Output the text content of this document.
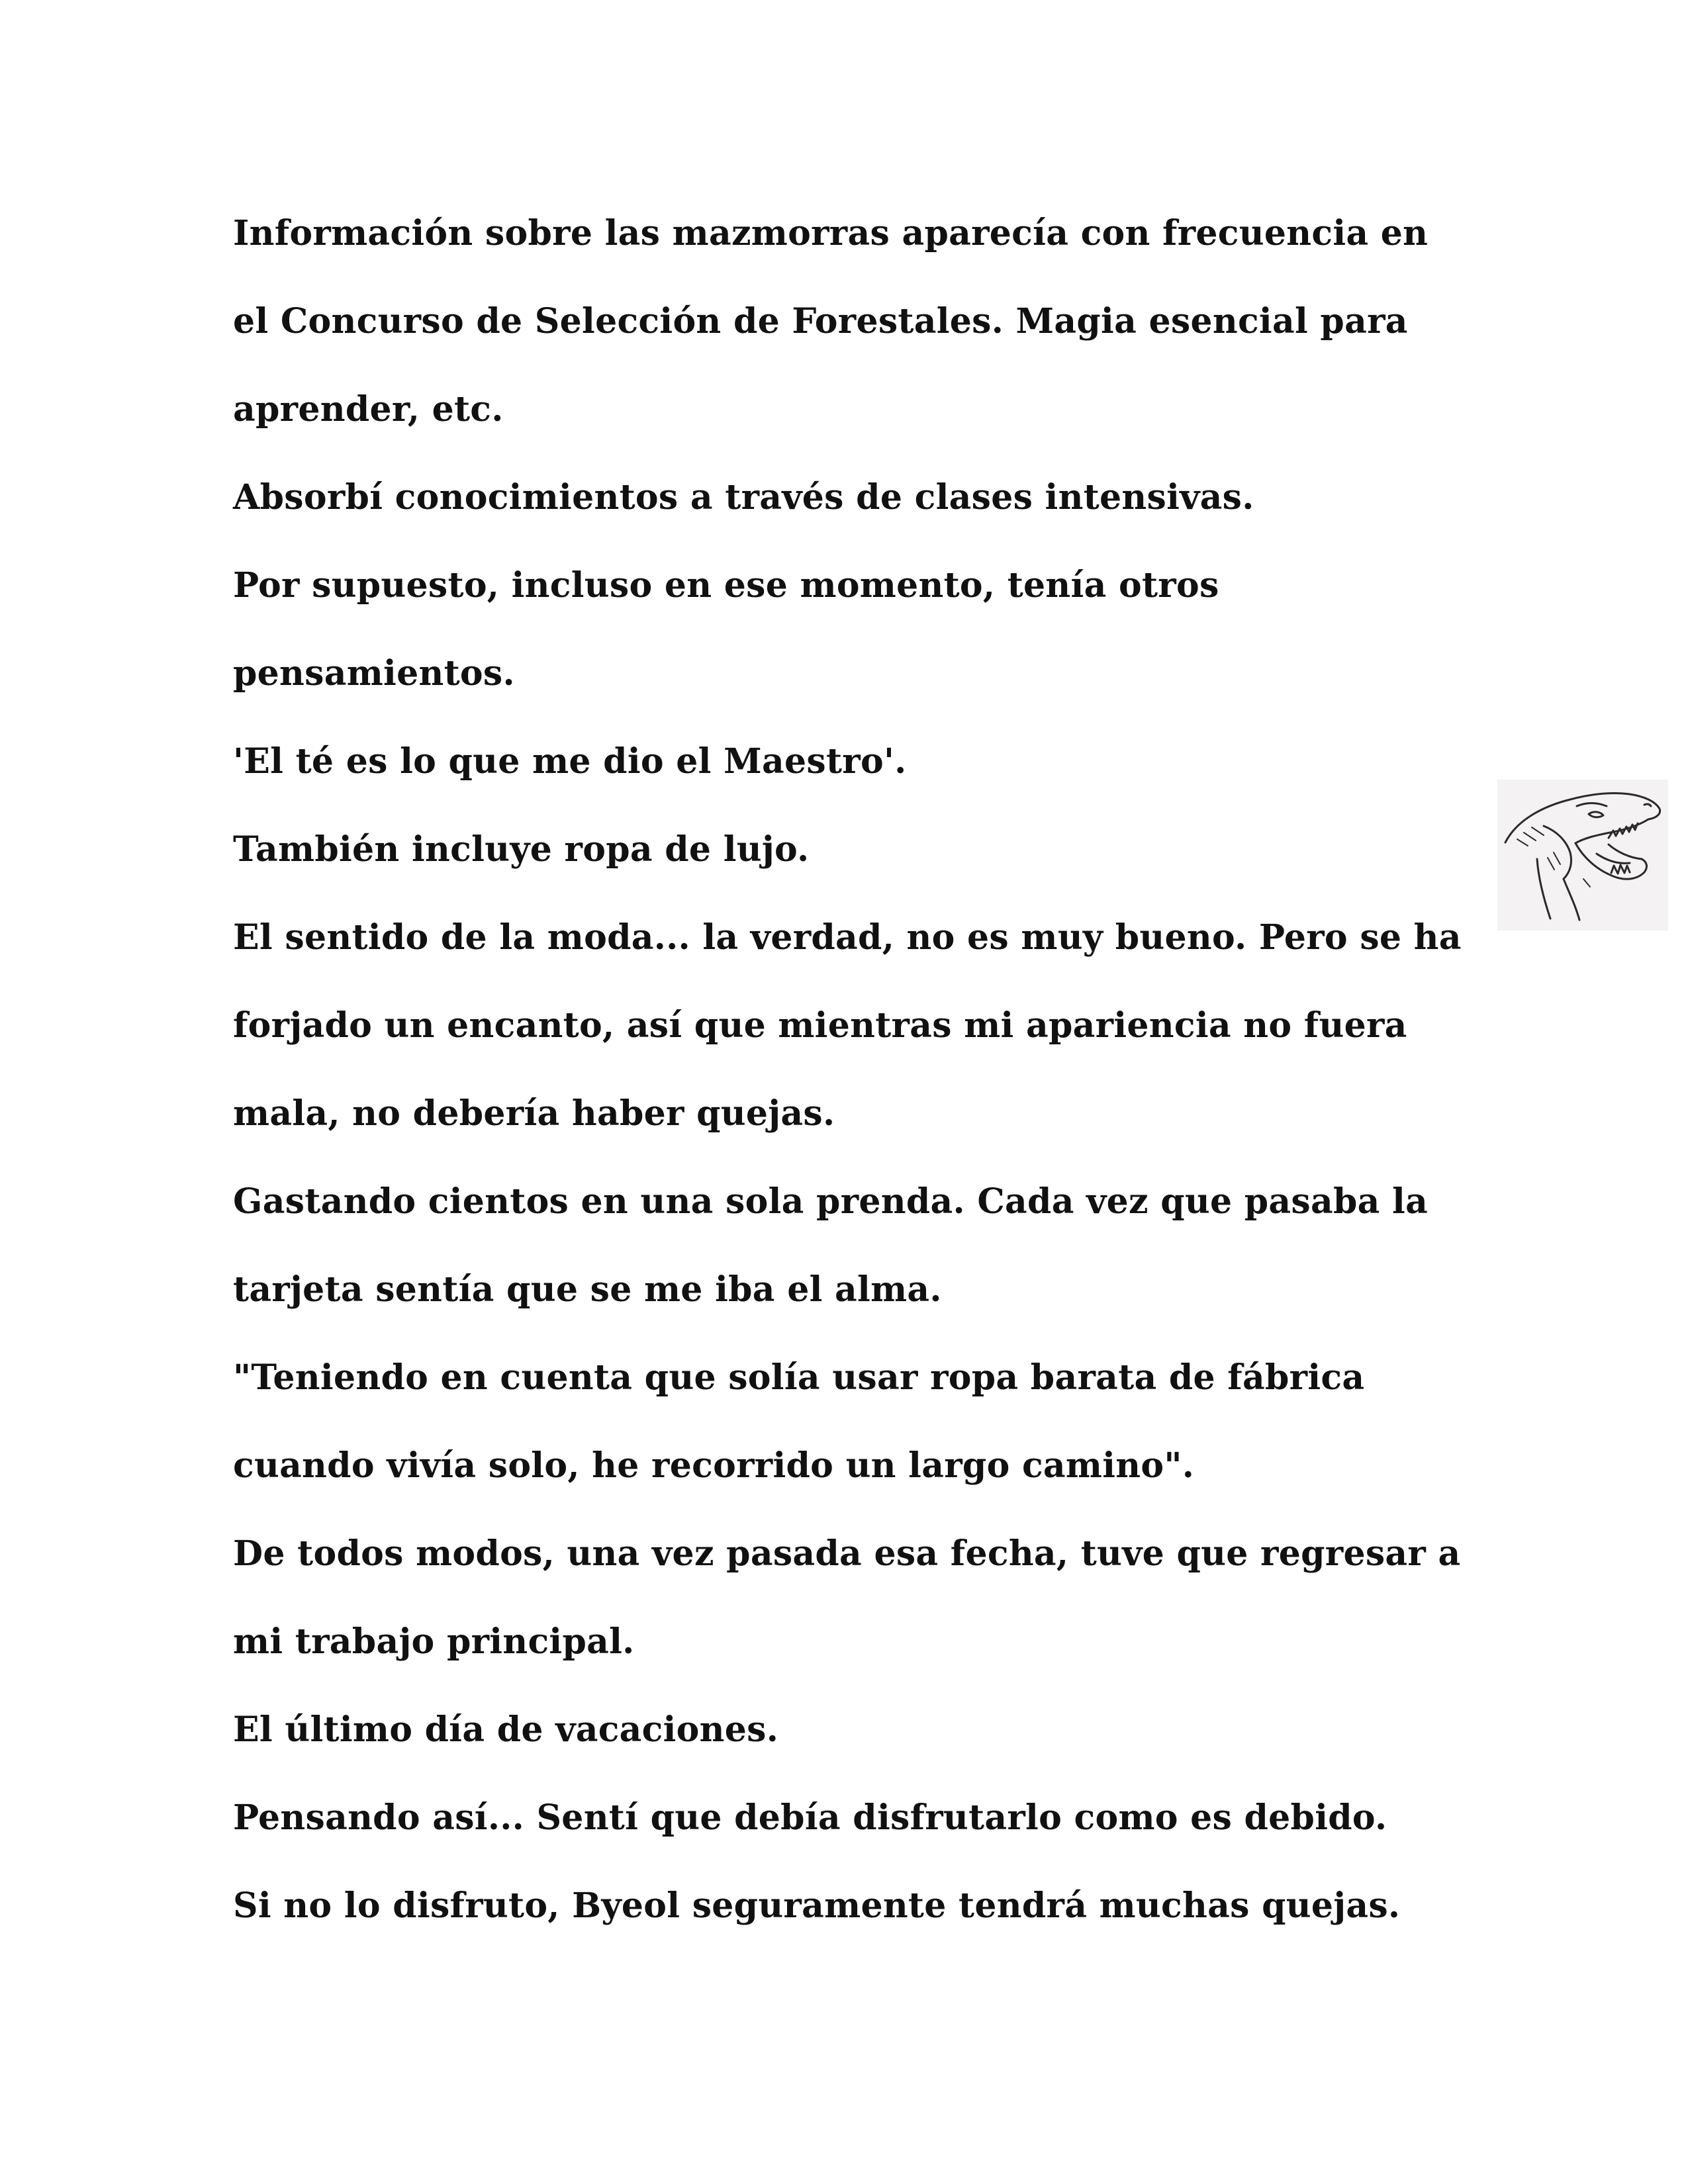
Información sobre las mazmorras aparecía con frecuencia en
el Concurso de Selección de Forestales. Magia esencial para
aprender, etc.
Absorbí conocimientos a través de clases intensivas.
Por supuesto, incluso en ese momento, tenía otros
pensamientos.
'El té es lo que me dio el Maestro'.
También incluye ropa de lujo.
El sentido de la moda... la verdad, no es muy bueno. Pero se ha
forjado un encanto, así que mientras mi apariencia no fuera
mala, no debería haber quejas.
Gastando cientos en una sola prenda. Cada vez que pasaba la
tarjeta sentía que se me iba el alma.
"Teniendo en cuenta que solía usar ropa barata de fábrica
cuando vivía solo, he recorrido un largo camino".
De todos modos, una vez pasada esa fecha, tuve que regresar a
mi trabajo principal.
El último día de vacaciones.
Pensando así... Sentí que debía disfrutarlo como es debido.
Si no lo disfruto, Byeol seguramente tendrá muchas quejas.
